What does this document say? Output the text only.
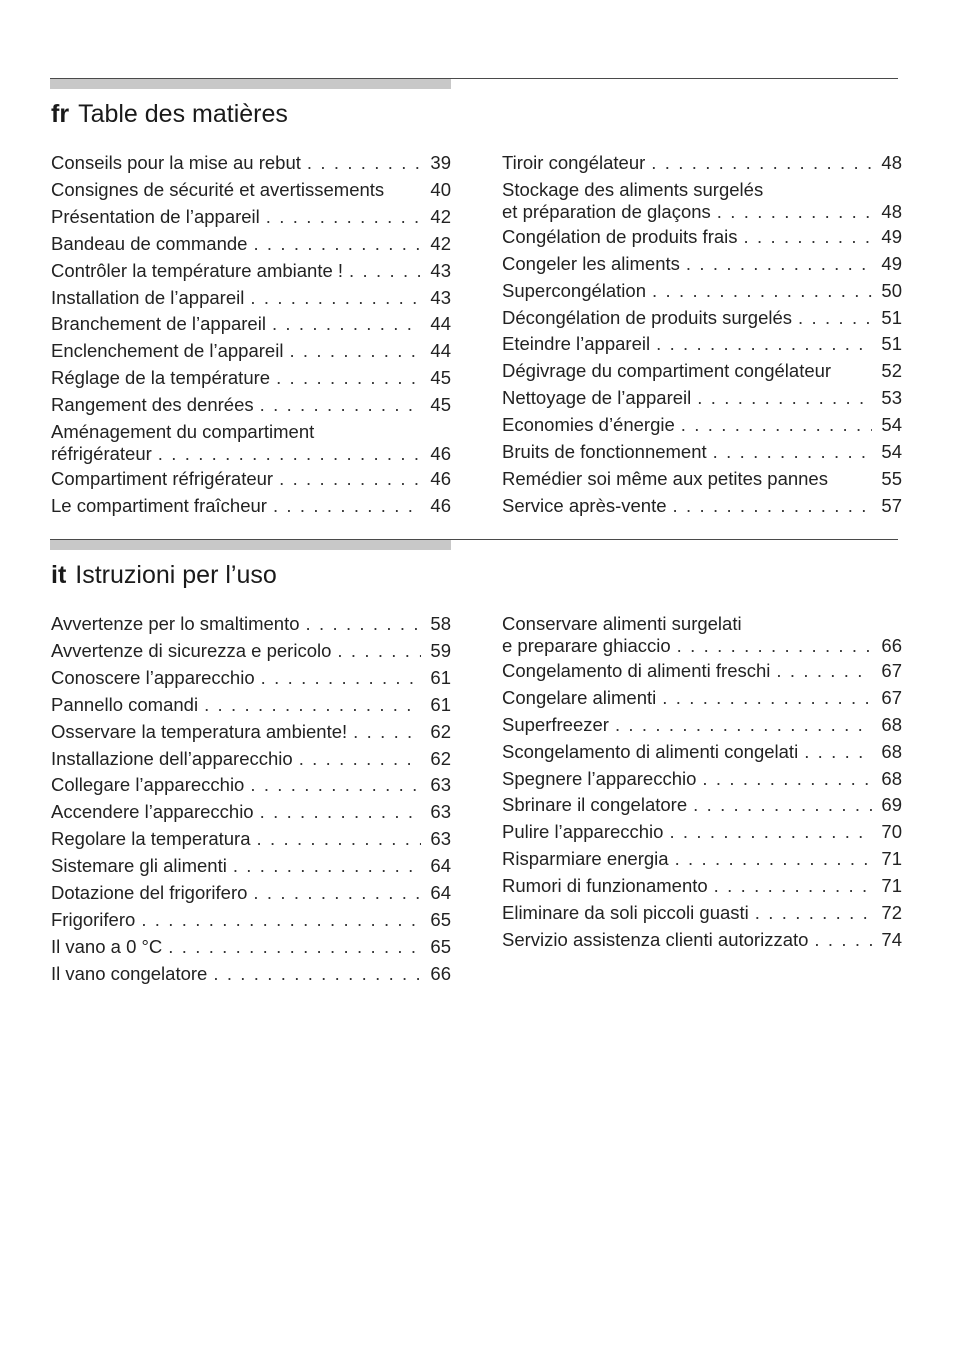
fr Table des matières
Conseils pour la mise au rebut . . .	39
Consignes de sécurité et avertissements	40
Présentation de l’appareil . . .	42
Bandeau de commande . . .	42
Contrôler la température ambiante ! . . .	43
Installation de l’appareil . . .	43
Branchement de l’appareil . . .	44
Enclenchement de l’appareil . . .	44
Réglage de la température . . .	45
Rangement des denrées . . .	45
Aménagement du compartiment
réfrigérateur . . .	46
Compartiment réfrigérateur . . .	46
Le compartiment fraîcheur . . .	46
Tiroir congélateur . . .	48
Stockage des aliments surgelés
et préparation de glaçons . . .	48
Congélation de produits frais . . .	49
Congeler les aliments . . .	49
Supercongélation . . .	50
Décongélation de produits surgelés . . .	51
Eteindre l’appareil . . .	51
Dégivrage du compartiment congélateur	52
Nettoyage de l’appareil . . .	53
Economies d’énergie . . .	54
Bruits de fonctionnement . . .	54
Remédier soi même aux petites pannes	55
Service après-vente . . .	57
it Istruzioni per l’uso
Avvertenze per lo smaltimento . . .	58
Avvertenze di sicurezza e pericolo . . .	59
Conoscere l’apparecchio . . .	61
Pannello comandi . . .	61
Osservare la temperatura ambiente! . . .	62
Installazione dell’apparecchio . . .	62
Collegare l’apparecchio . . .	63
Accendere l’apparecchio . . .	63
Regolare la temperatura . . .	63
Sistemare gli alimenti . . .	64
Dotazione del frigorifero . . .	64
Frigorifero . . .	65
Il vano a 0 °C . . .	65
Il vano congelatore . . .	66
Conservare alimenti surgelati
e preparare ghiaccio . . .	66
Congelamento di alimenti freschi . . .	67
Congelare alimenti . . .	67
Superfreezer . . .	68
Scongelamento di alimenti congelati . . .	68
Spegnere l’apparecchio . . .	68
Sbrinare il congelatore . . .	69
Pulire l’apparecchio . . .	70
Risparmiare energia . . .	71
Rumori di funzionamento . . .	71
Eliminare da soli piccoli guasti . . .	72
Servizio assistenza clienti autorizzato . . .	74
